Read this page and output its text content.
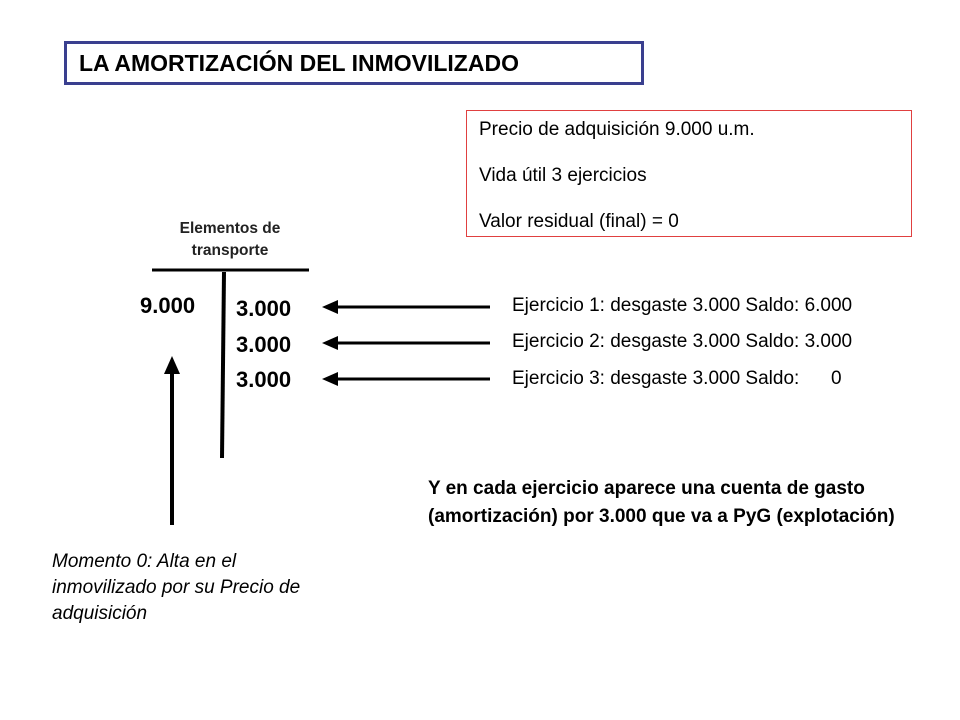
LA AMORTIZACIÓN DEL INMOVILIZADO
Precio de adquisición 9.000 u.m.
Vida útil 3 ejercicios
Valor residual (final) = 0
Elementos de
transporte
9.000 3.000
3.000
3.000
Ejercicio 1: desgaste 3.000 Saldo: 6.000
Ejercicio 2: desgaste 3.000 Saldo: 3.000
Ejercicio 3: desgaste 3.000 Saldo:      0
Y en cada ejercicio aparece una cuenta de gasto (amortización) por 3.000 que va a PyG (explotación)
Momento 0: Alta en el inmovilizado por su Precio de adquisición
